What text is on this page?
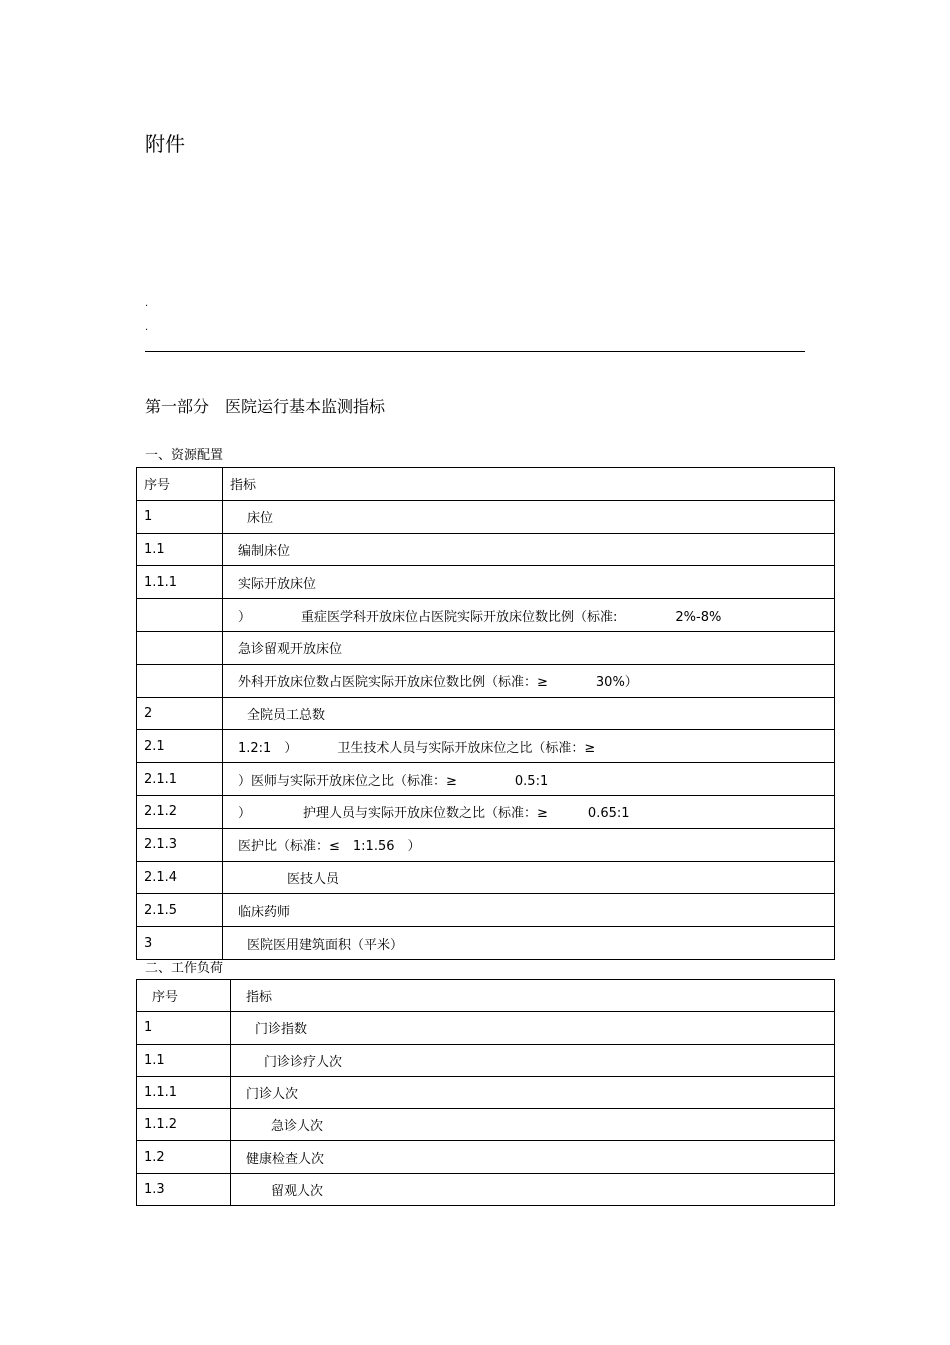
附件
.
.
第一部分 医院运行基本监测指标
一、资源配置
序号	指标
1	床位
1.1	编制床位
1.1.1	实际开放床位
	） 重症医学科开放床位占医院实际开放床位数比例（标准: 2%-8%
	急诊留观开放床位
	外科开放床位数占医院实际开放床位数比例（标准：≥ 30%）
2	全院员工总数
2.1	1.2:1　） 卫生技术人员与实际开放床位之比（标准：≥
2.1.1	）医师与实际开放床位之比（标准：≥ 0.5:1
2.1.2	） 护理人员与实际开放床位数之比（标准：≥ 0.65:1
2.1.3	医护比（标准：≤　1:1.56　）
2.1.4	医技人员
2.1.5	临床药师
3	医院医用建筑面积（平米）
二、工作负荷
序号	指标
1	门诊指数
1.1	门诊诊疗人次
1.1.1	门诊人次
1.1.2	急诊人次
1.2	健康检查人次
1.3	留观人次
